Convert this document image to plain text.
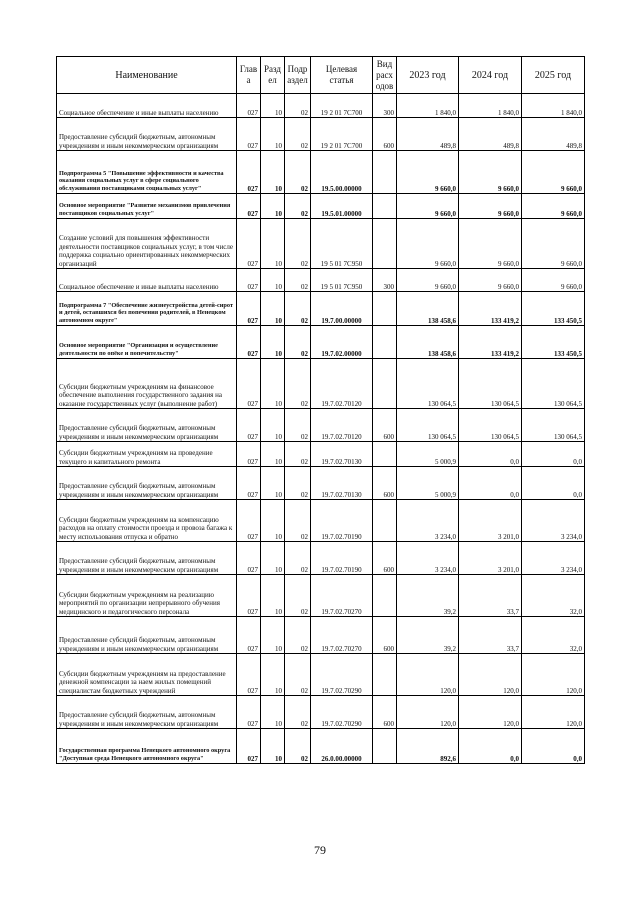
Наименование	Глав а	Разд ел	Подр аздел	Целевая статья	Вид расх одов	2023 год	2024 год	2025 год
Социальное обеспечение и иные выплаты населению	027	10	02	19 2 01 7С700	300	1 840,0	1 840,0	1 840,0
Предоставление субсидий бюджетным, автономным учреждениям и иным некоммерческим организациям	027	10	02	19 2 01 7С700	600	489,8	489,8	489,8
Подпрограмма 5 "Повышение эффективности и качества оказания социальных услуг в сфере социального обслуживания поставщиками социальных услуг"	027	10	02	19.5.00.00000		9 660,0	9 660,0	9 660,0
Основное мероприятие "Развитие механизмов привлечения поставщиков социальных услуг"	027	10	02	19.5.01.00000		9 660,0	9 660,0	9 660,0
Создание условий для повышения эффективности деятельности поставщиков социальных услуг, в том числе поддержка социально ориентированных некоммерческих организаций	027	10	02	19 5 01 7С950		9 660,0	9 660,0	9 660,0
Социальное обеспечение и иные выплаты населению	027	10	02	19 5 01 7С950	300	9 660,0	9 660,0	9 660,0
Подпрограмма 7 "Обеспечение жизнеустройства детей-сирот и детей, оставшихся без попечения родителей, в Ненецком автономном округе"	027	10	02	19.7.00.00000		138 458,6	133 419,2	133 450,5
Основное мероприятие "Организация и осуществление деятельности по опёке и попечительству"	027	10	02	19.7.02.00000		138 458,6	133 419,2	133 450,5
Субсидии бюджетным учреждениям на финансовое обеспечение выполнения государственного задания на оказание государственных услуг (выполнение работ)	027	10	02	19.7.02.70120		130 064,5	130 064,5	130 064,5
Предоставление субсидий бюджетным, автономным учреждениям и иным некоммерческим организациям	027	10	02	19.7.02.70120	600	130 064,5	130 064,5	130 064,5
Субсидии бюджетным учреждениям на проведение текущего и капитального ремонта	027	10	02	19.7.02.70130		5 000,9	0,0	0,0
Предоставление субсидий бюджетным, автономным учреждениям и иным некоммерческим организациям	027	10	02	19.7.02.70130	600	5 000,9	0,0	0,0
Субсидии бюджетным учреждениям на компенсацию расходов на оплату стоимости проезда и провоза багажа к месту использования отпуска и обратно	027	10	02	19.7.02.70190		3 234,0	3 201,0	3 234,0
Предоставление субсидий бюджетным, автономным учреждениям и иным некоммерческим организациям	027	10	02	19.7.02.70190	600	3 234,0	3 201,0	3 234,0
Субсидии бюджетным учреждениям на реализацию мероприятий по организации непрерывного обучения медицинского и педагогического персонала	027	10	02	19.7.02.70270		39,2	33,7	32,0
Предоставление субсидий бюджетным, автономным учреждениям и иным некоммерческим организациям	027	10	02	19.7.02.70270	600	39,2	33,7	32,0
Субсидии бюджетным учреждениям на предоставление денежной компенсации за наем жилых помещений специалистам бюджетных учреждений	027	10	02	19.7.02.70290		120,0	120,0	120,0
Предоставление субсидий бюджетным, автономным учреждениям и иным некоммерческим организациям	027	10	02	19.7.02.70290	600	120,0	120,0	120,0
Государственная программа Ненецкого автономного округа "Доступная среда Ненецкого автономного округа"	027	10	02	26.0.00.00000		892,6	0,0	0,0
79
